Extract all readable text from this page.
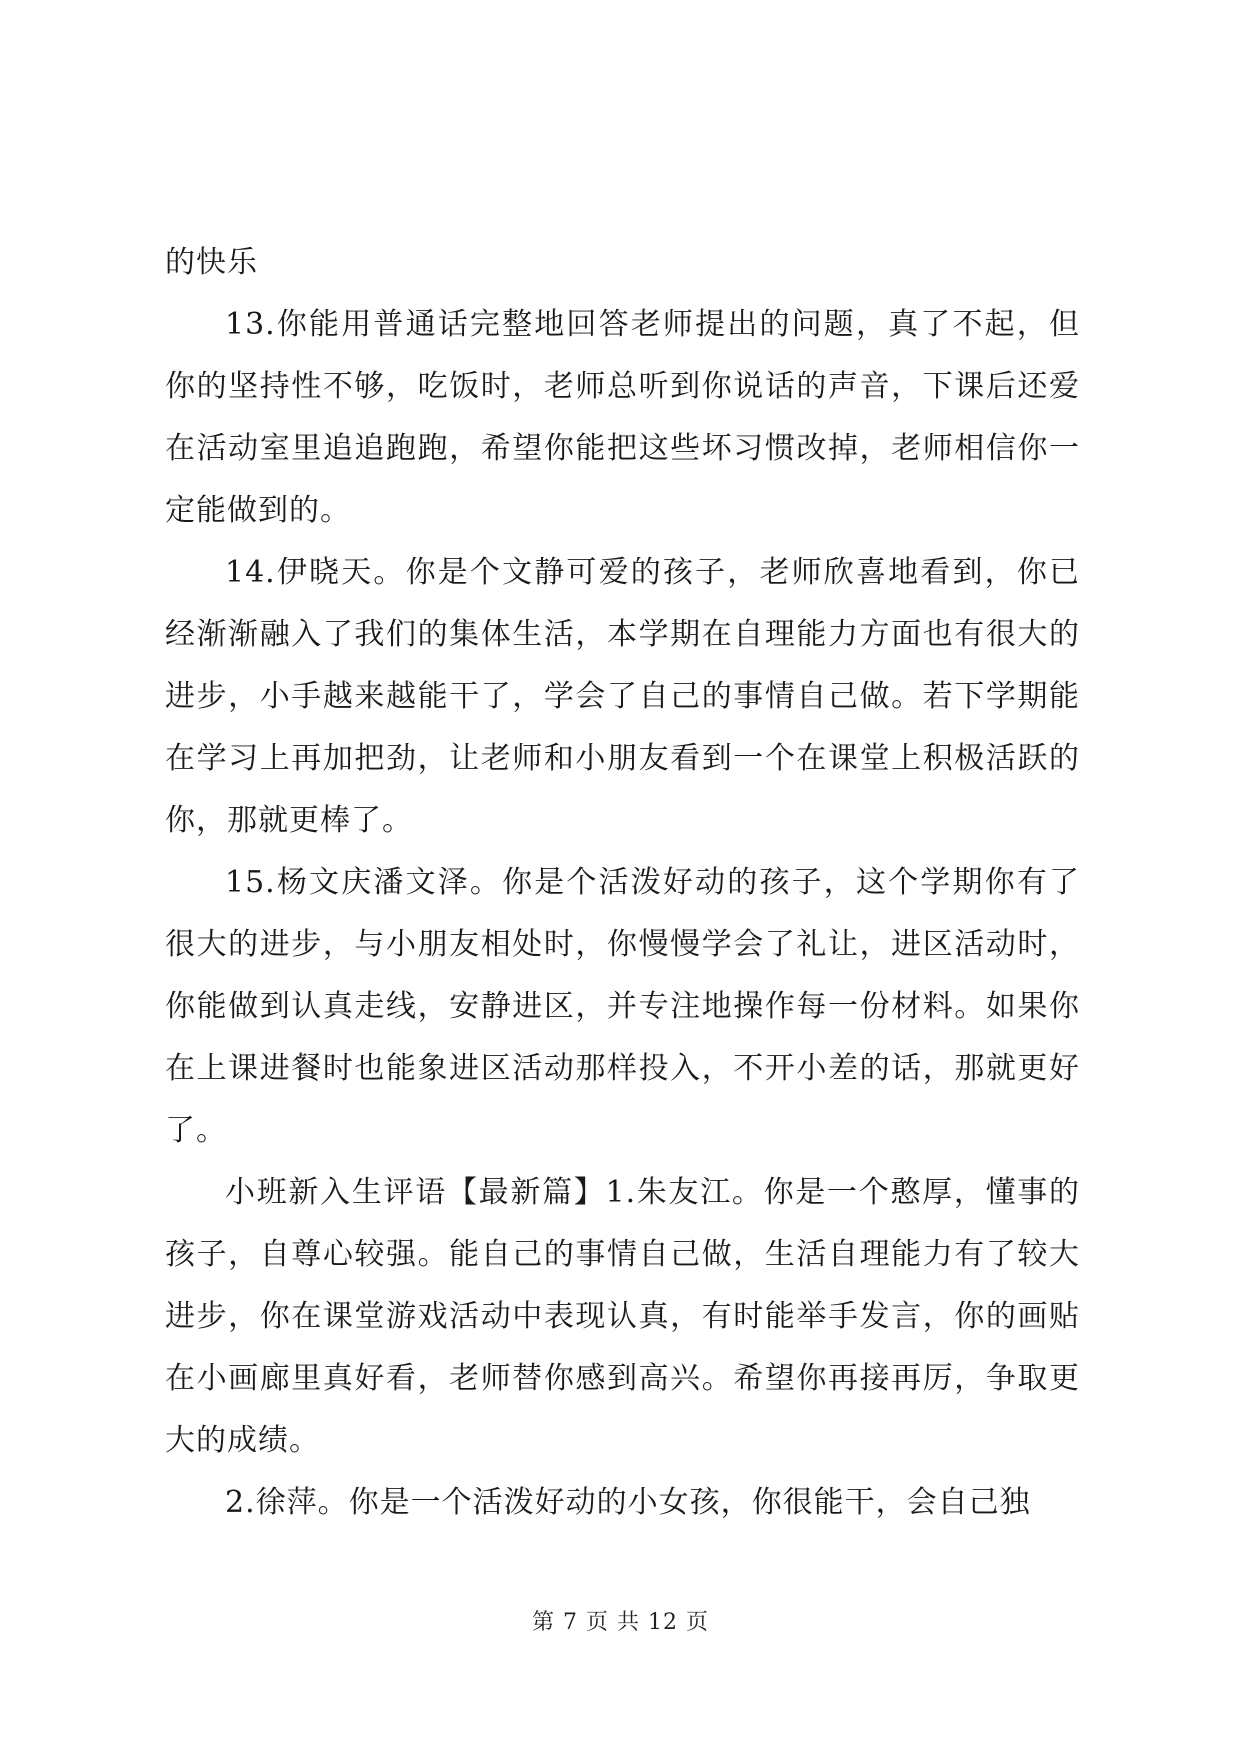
的快乐

13.你能用普通话完整地回答老师提出的问题，真了不起，但你的坚持性不够，吃饭时，老师总听到你说话的声音，下课后还爱在活动室里追追跑跑，希望你能把这些坏习惯改掉，老师相信你一定能做到的。

14.伊晓天。你是个文静可爱的孩子，老师欣喜地看到，你已经渐渐融入了我们的集体生活，本学期在自理能力方面也有很大的进步，小手越来越能干了，学会了自己的事情自己做。若下学期能在学习上再加把劲，让老师和小朋友看到一个在课堂上积极活跃的你，那就更棒了。

15.杨文庆潘文泽。你是个活泼好动的孩子，这个学期你有了很大的进步，与小朋友相处时，你慢慢学会了礼让，进区活动时，你能做到认真走线，安静进区，并专注地操作每一份材料。如果你在上课进餐时也能象进区活动那样投入，不开小差的话，那就更好了。

小班新入生评语【最新篇】1.朱友江。你是一个憨厚，懂事的孩子，自尊心较强。能自己的事情自己做，生活自理能力有了较大进步，你在课堂游戏活动中表现认真，有时能举手发言，你的画贴在小画廊里真好看，老师替你感到高兴。希望你再接再厉，争取更大的成绩。

2.徐萍。你是一个活泼好动的小女孩，你很能干，会自己独

第 7 页 共 12 页
